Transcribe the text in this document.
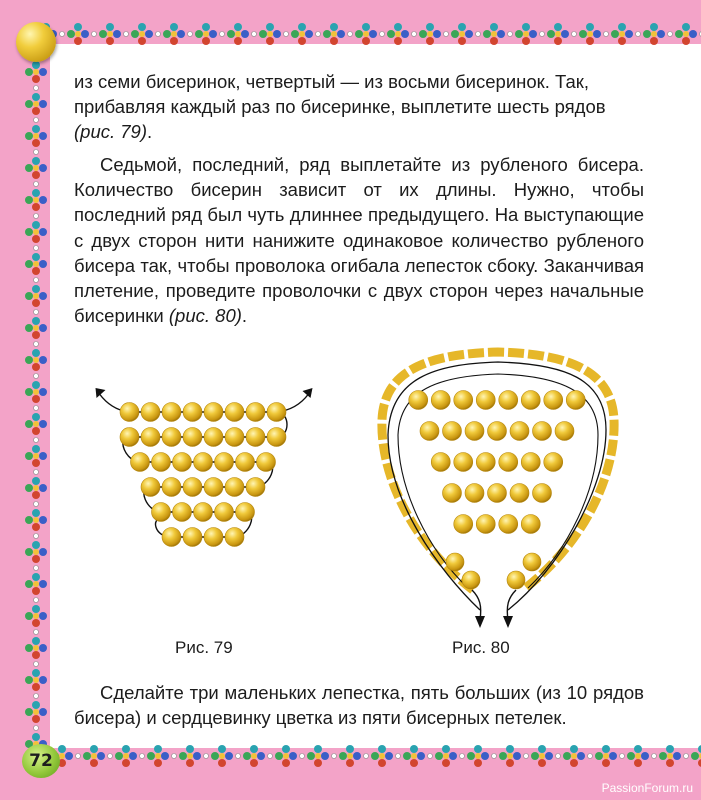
из семи бисеринок, четвертый — из восьми бисеринок. Так,
прибавляя каждый раз по бисеринке, выплетите шесть рядов
(рис. 79).
Седьмой, последний, ряд выплетайте из рубленого бисера. Количество бисерин зависит от их длины. Нужно, чтобы последний ряд был чуть длиннее предыдущего. На выступающие с двух сторон нити нанижите одинаковое количество рубленого бисера так, чтобы проволока огибала лепесток сбоку. Заканчивая плетение, проведите проволочки с двух сторон через начальные бисеринки (рис. 80).
Рис. 79	Рис. 80
Сделайте три маленьких лепестка, пять больших (из 10 рядов бисера) и сердцевинку цветка из пяти бисерных петелек.
72
PassionForum.ru
